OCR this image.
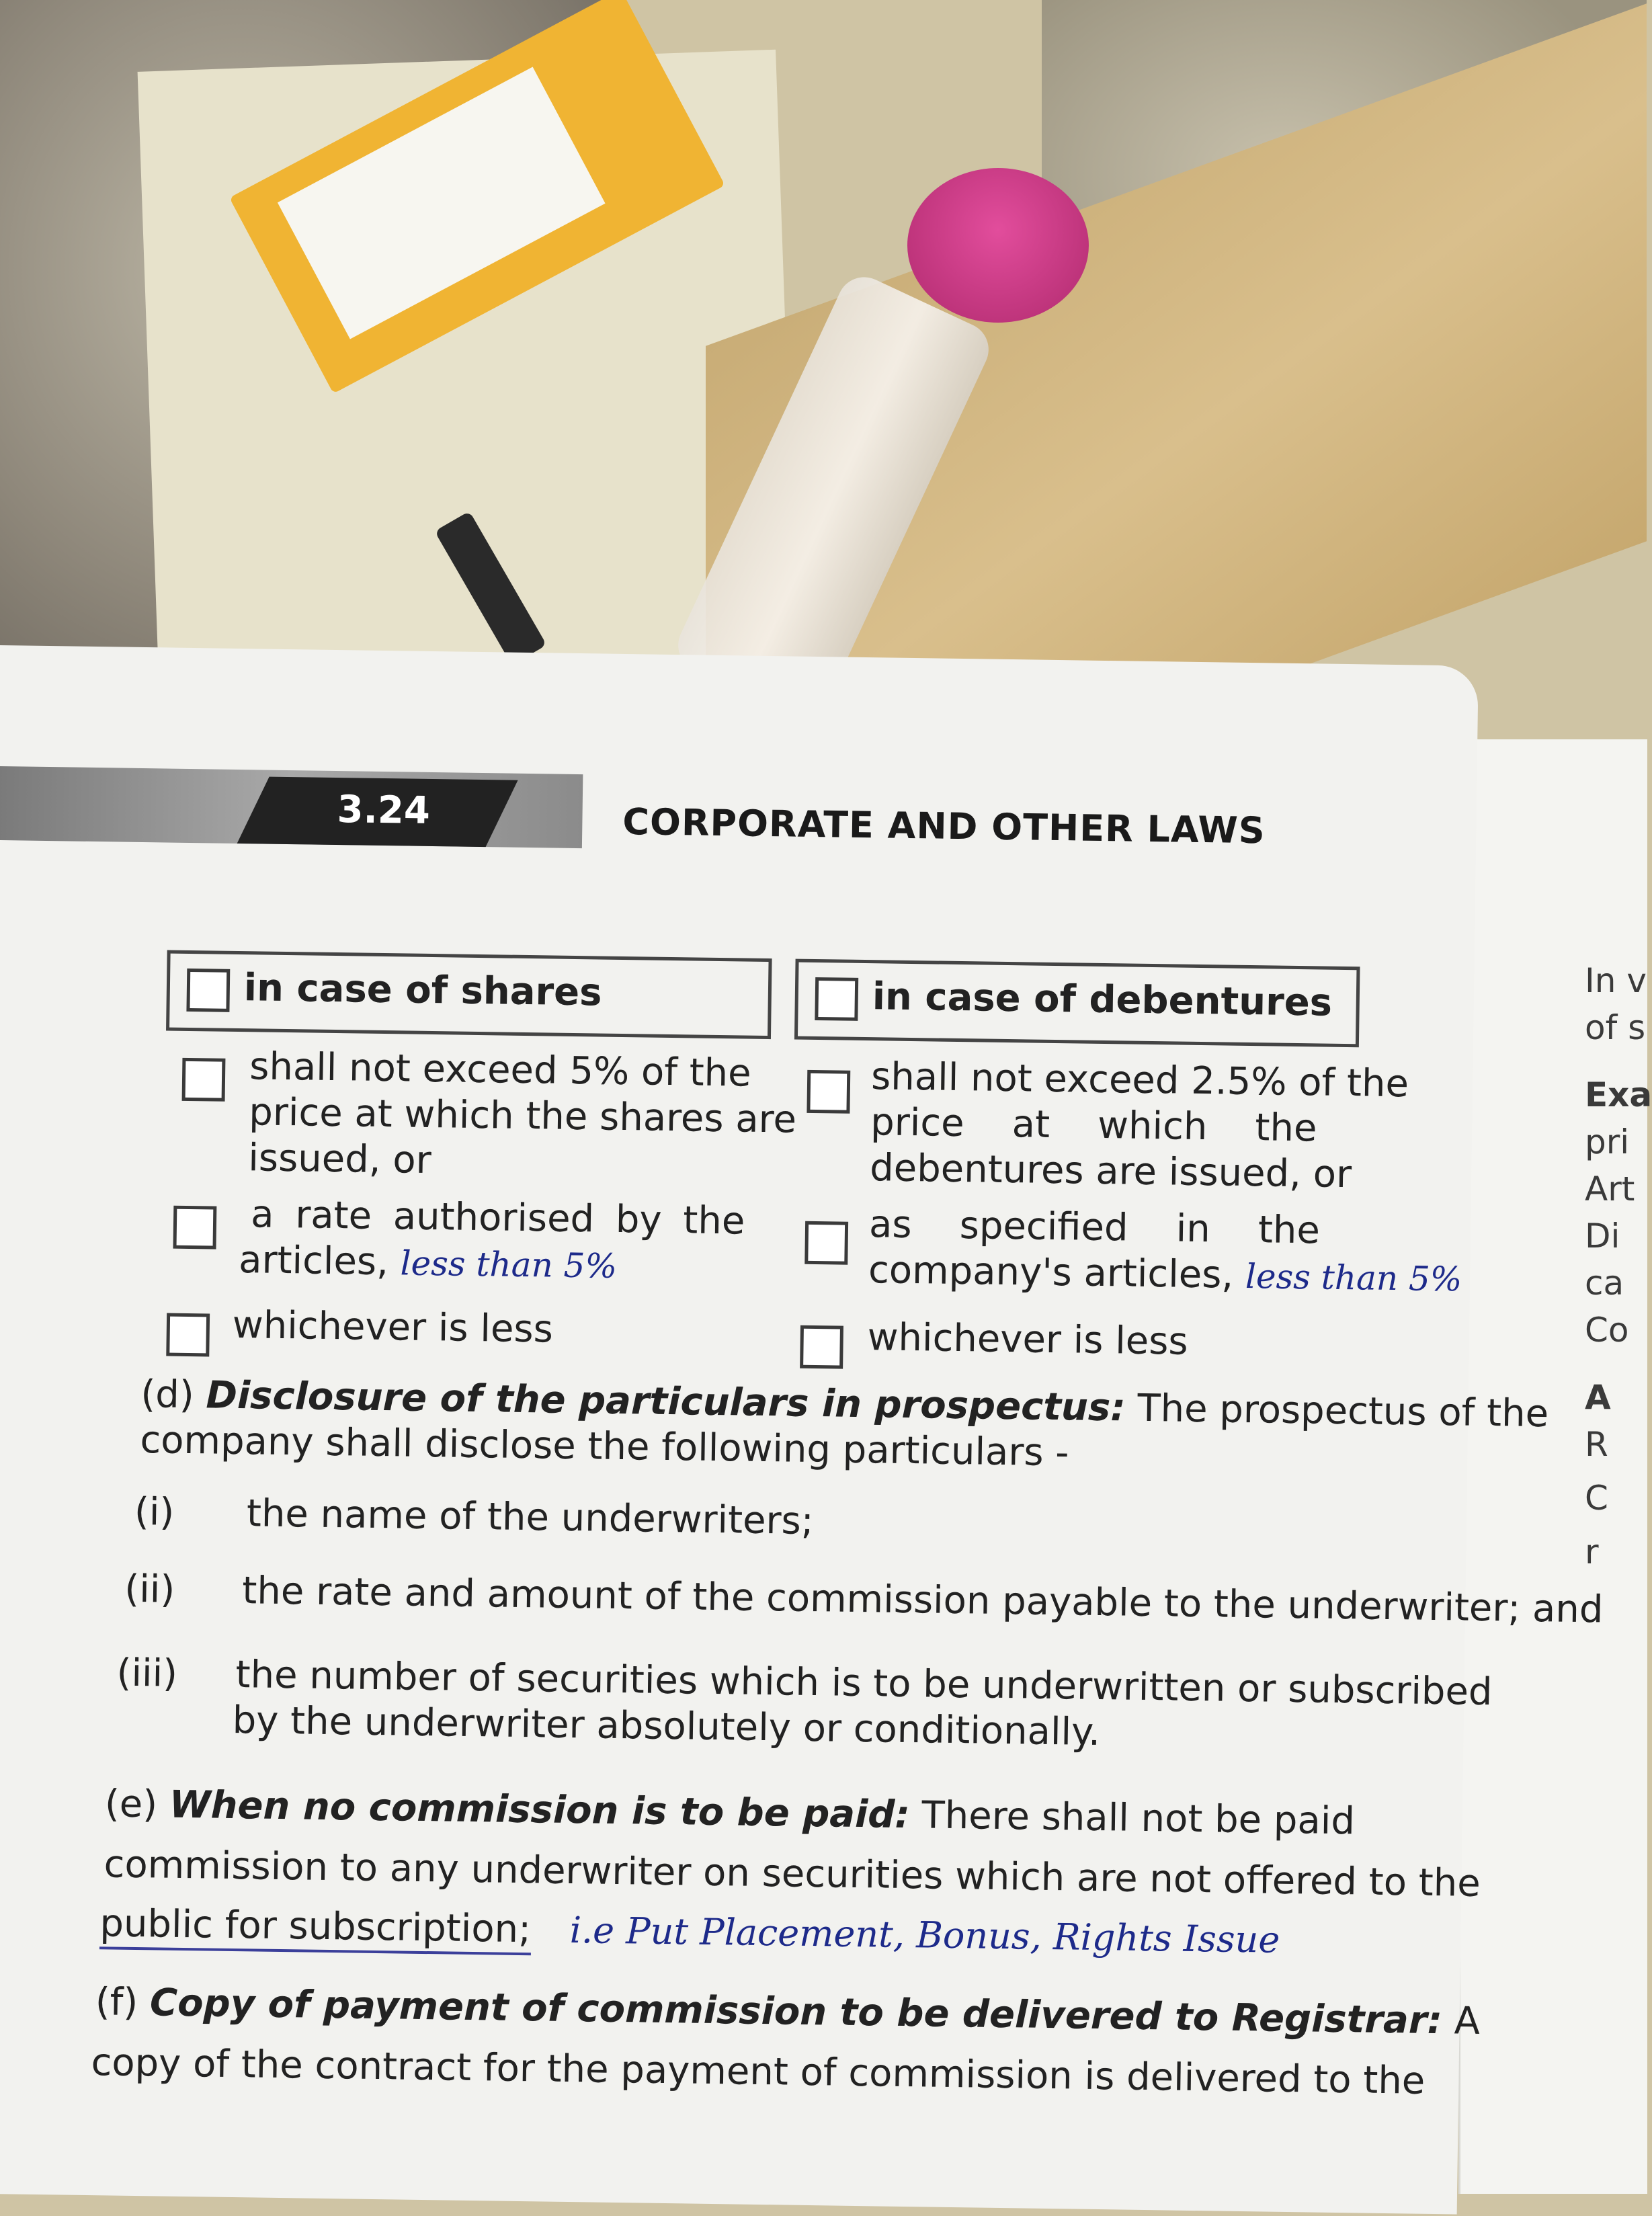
In v
of s
Exa
pri
Art
Di
ca
Co
A
R
C
r
3.24	CORPORATE AND OTHER LAWS
in case of shares	in case of debentures
shall not exceed 5% of the
price at which the shares are
issued, or
a rate authorised by the
articles, less than 5%
whichever is less
shall not exceed 2.5% of the
price    at    which    the
debentures are issued, or
as    specified    in    the
company's articles, less than 5%
whichever is less
(d) Disclosure of the particulars in prospectus: The prospectus of the
company shall disclose the following particulars -
(i) the name of the underwriters;
(ii) the rate and amount of the commission payable to the underwriter; and
(iii) the number of securities which is to be underwritten or subscribed
by the underwriter absolutely or conditionally.
(e) When no commission is to be paid: There shall not be paid
commission to any underwriter on securities which are not offered to the
public for subscription; i.e Put Placement, Bonus, Rights Issue
(f) Copy of payment of commission to be delivered to Registrar: A
copy of the contract for the payment of commission is delivered to the
